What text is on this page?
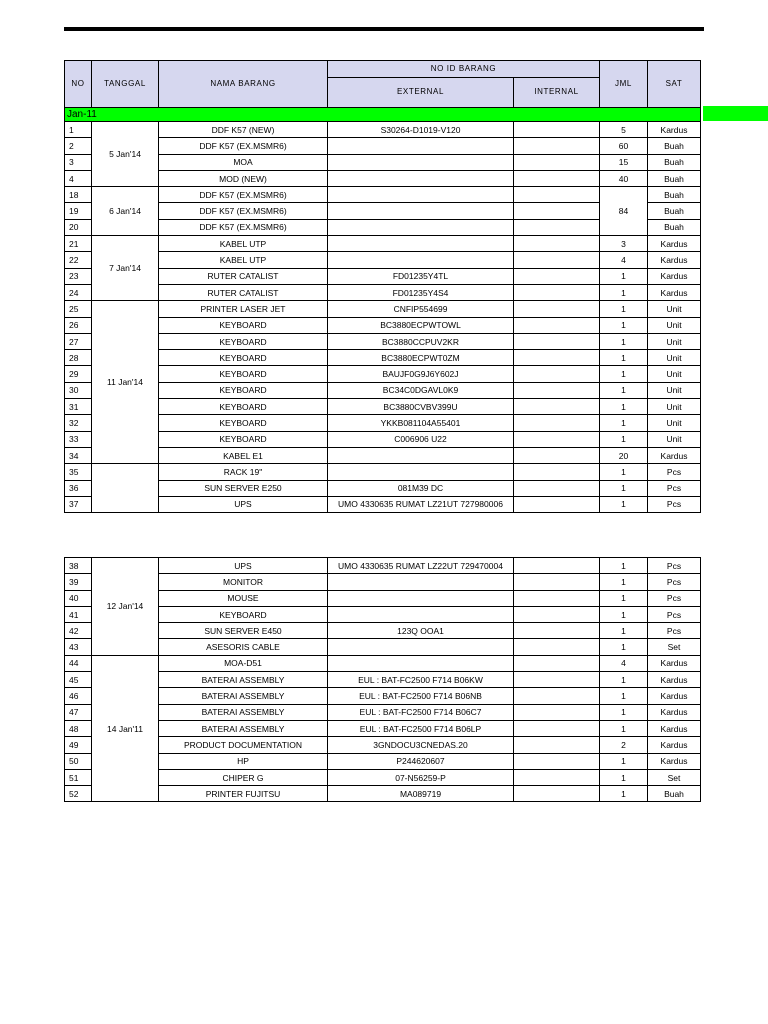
NO	TANGGAL	NAMA BARANG	NO ID BARANG		JML	SAT
			EXTERNAL	INTERNAL		
Jan-11						
1	5 Jan'14	DDF K57 (NEW)	S30264-D1019-V120		5	Kardus
2		DDF K57 (EX.MSMR6)			60	Buah
3		MOA			15	Buah
4		MOD (NEW)			40	Buah
18	6 Jan'14	DDF K57 (EX.MSMR6)			84	Buah
19		DDF K57 (EX.MSMR6)				Buah
20		DDF K57 (EX.MSMR6)				Buah
21	7 Jan'14	KABEL UTP			3	Kardus
22		KABEL UTP			4	Kardus
23		RUTER CATALIST	FD01235Y4TL		1	Kardus
24		RUTER CATALIST	FD01235Y4S4		1	Kardus
25	11 Jan'14	PRINTER LASER JET	CNFIP554699		1	Unit
26		KEYBOARD	BC3880ECPWTOWL		1	Unit
27		KEYBOARD	BC3880CCPUV2KR		1	Unit
28		KEYBOARD	BC3880ECPWT0ZM		1	Unit
29		KEYBOARD	BAUJF0G9J6Y602J		1	Unit
30		KEYBOARD	BC34C0DGAVL0K9		1	Unit
31		KEYBOARD	BC3880CVBV399U		1	Unit
32		KEYBOARD	YKKB081104A55401		1	Unit
33		KEYBOARD	C006906 U22		1	Unit
34		KABEL E1			20	Kardus
35		RACK 19"			1	Pcs
36		SUN SERVER E250	081M39 DC		1	Pcs
37		UPS	UMO 4330635 RUMAT LZ21UT 727980006		1	Pcs
38	12 Jan'14	UPS	UMO 4330635 RUMAT LZ22UT 729470004		1	Pcs
39		MONITOR			1	Pcs
40		MOUSE			1	Pcs
41		KEYBOARD			1	Pcs
42		SUN SERVER E450	123Q OOA1		1	Pcs
43		ASESORIS CABLE			1	Set
44	14 Jan'11	MOA-D51			4	Kardus
45		BATERAI ASSEMBLY	EUL : BAT-FC2500 F714 B06KW		1	Kardus
46		BATERAI ASSEMBLY	EUL : BAT-FC2500 F714 B06NB		1	Kardus
47		BATERAI ASSEMBLY	EUL : BAT-FC2500 F714 B06C7		1	Kardus
48		BATERAI ASSEMBLY	EUL : BAT-FC2500 F714 B06LP		1	Kardus
49		PRODUCT DOCUMENTATION	3GNDOCU3CNEDAS.20		2	Kardus
50		HP	P244620607		1	Kardus
51		CHIPER G	07-N56259-P		1	Set
52		PRINTER FUJITSU	MA089719		1	Buah
